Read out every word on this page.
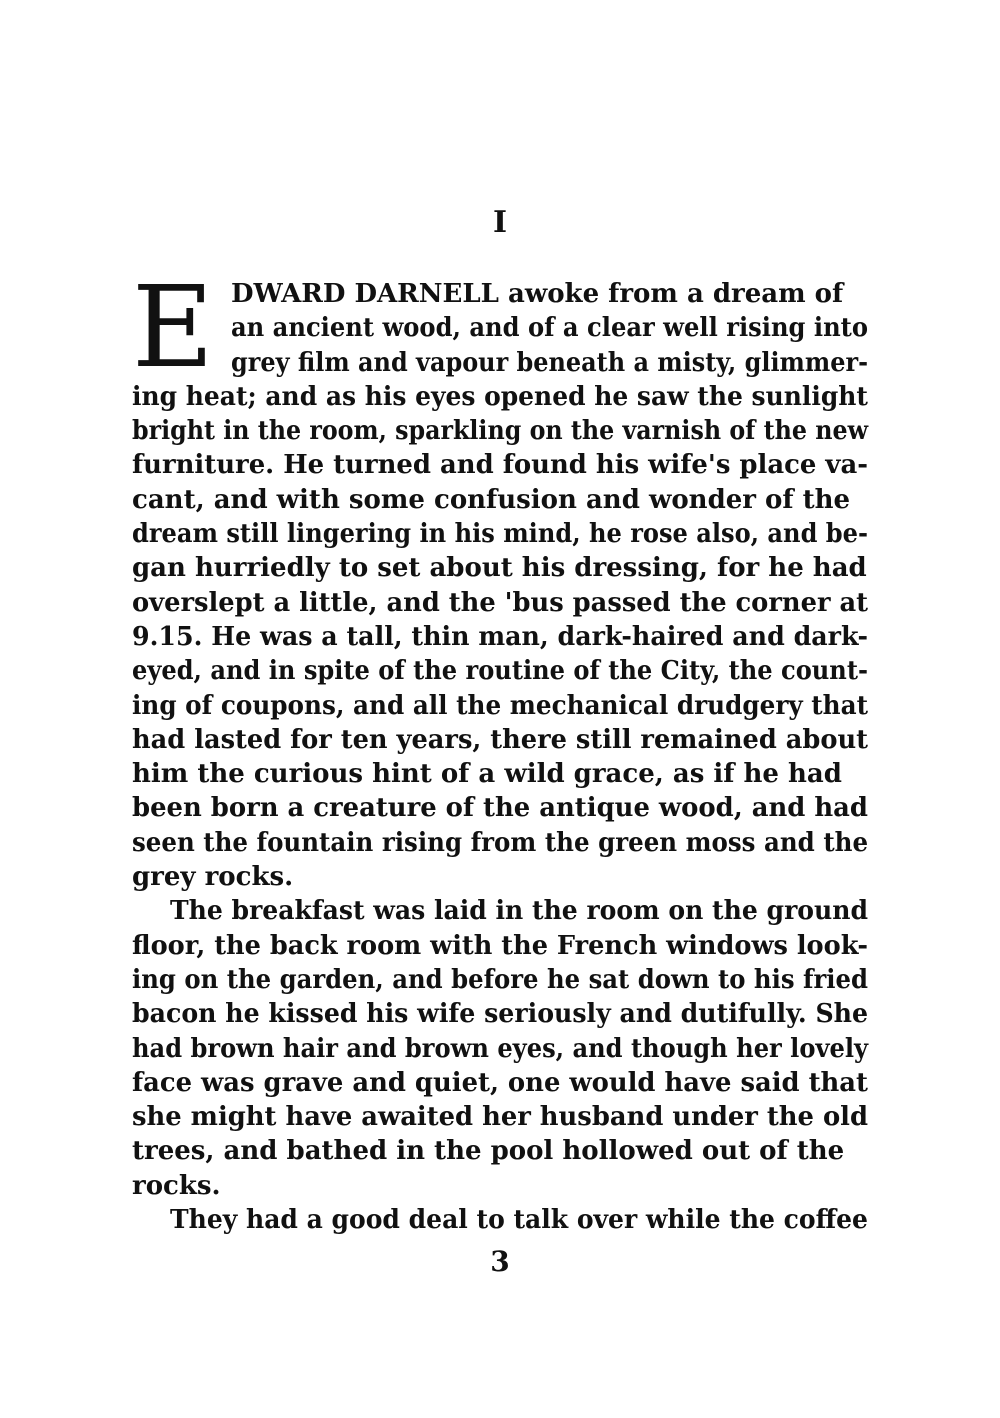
I
E DWARD DARNELL awoke from a dream of
an ancient wood, and of a clear well rising into
grey film and vapour beneath a misty, glimmer-
ing heat; and as his eyes opened he saw the sunlight
bright in the room, sparkling on the varnish of the new
furniture. He turned and found his wife's place va-
cant, and with some confusion and wonder of the
dream still lingering in his mind, he rose also, and be-
gan hurriedly to set about his dressing, for he had
overslept a little, and the 'bus passed the corner at
9.15. He was a tall, thin man, dark-haired and dark-
eyed, and in spite of the routine of the City, the count-
ing of coupons, and all the mechanical drudgery that
had lasted for ten years, there still remained about
him the curious hint of a wild grace, as if he had
been born a creature of the antique wood, and had
seen the fountain rising from the green moss and the
grey rocks.
The breakfast was laid in the room on the ground
floor, the back room with the French windows look-
ing on the garden, and before he sat down to his fried
bacon he kissed his wife seriously and dutifully. She
had brown hair and brown eyes, and though her lovely
face was grave and quiet, one would have said that
she might have awaited her husband under the old
trees, and bathed in the pool hollowed out of the
rocks.
They had a good deal to talk over while the coffee
3
